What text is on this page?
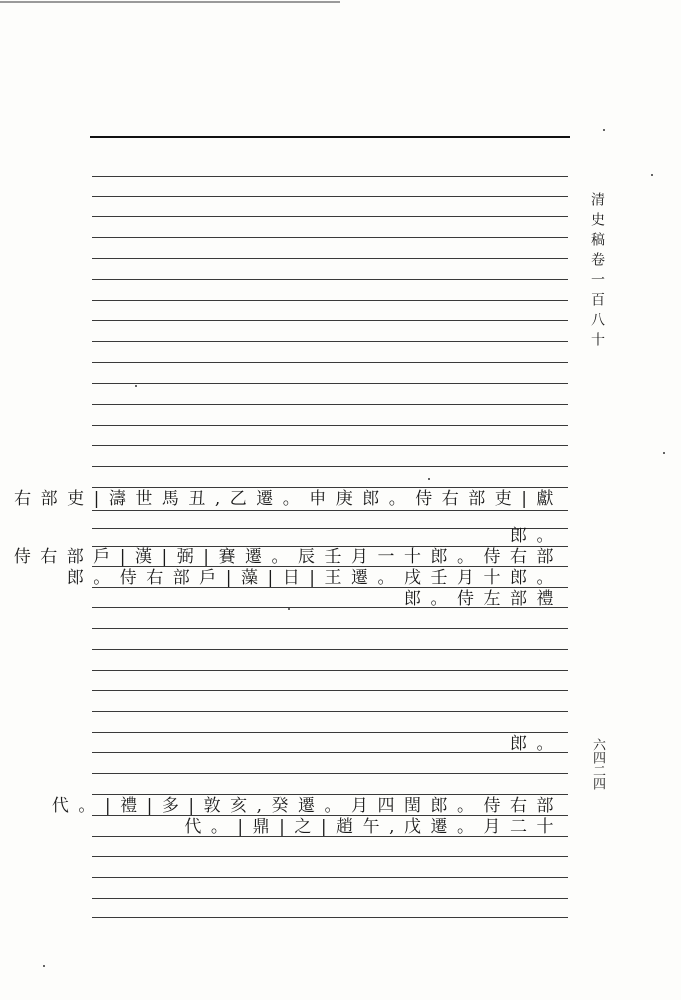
右部吏|濤世馬丑,乙遷。申庚郎。侍右部吏|獻
郎。
侍右部戶|漢|弼|賽遷。辰壬月一十郎。侍右部
郎。侍右部戶|藻|日|王遷。戌壬月十郎。
郎。侍左部禮
郎。
代。|禮|多|敦亥,癸遷。月四閏郎。侍右部
代。|鼎|之|趙午,戊遷。月二十
清史稿卷一百八十
六四二四
